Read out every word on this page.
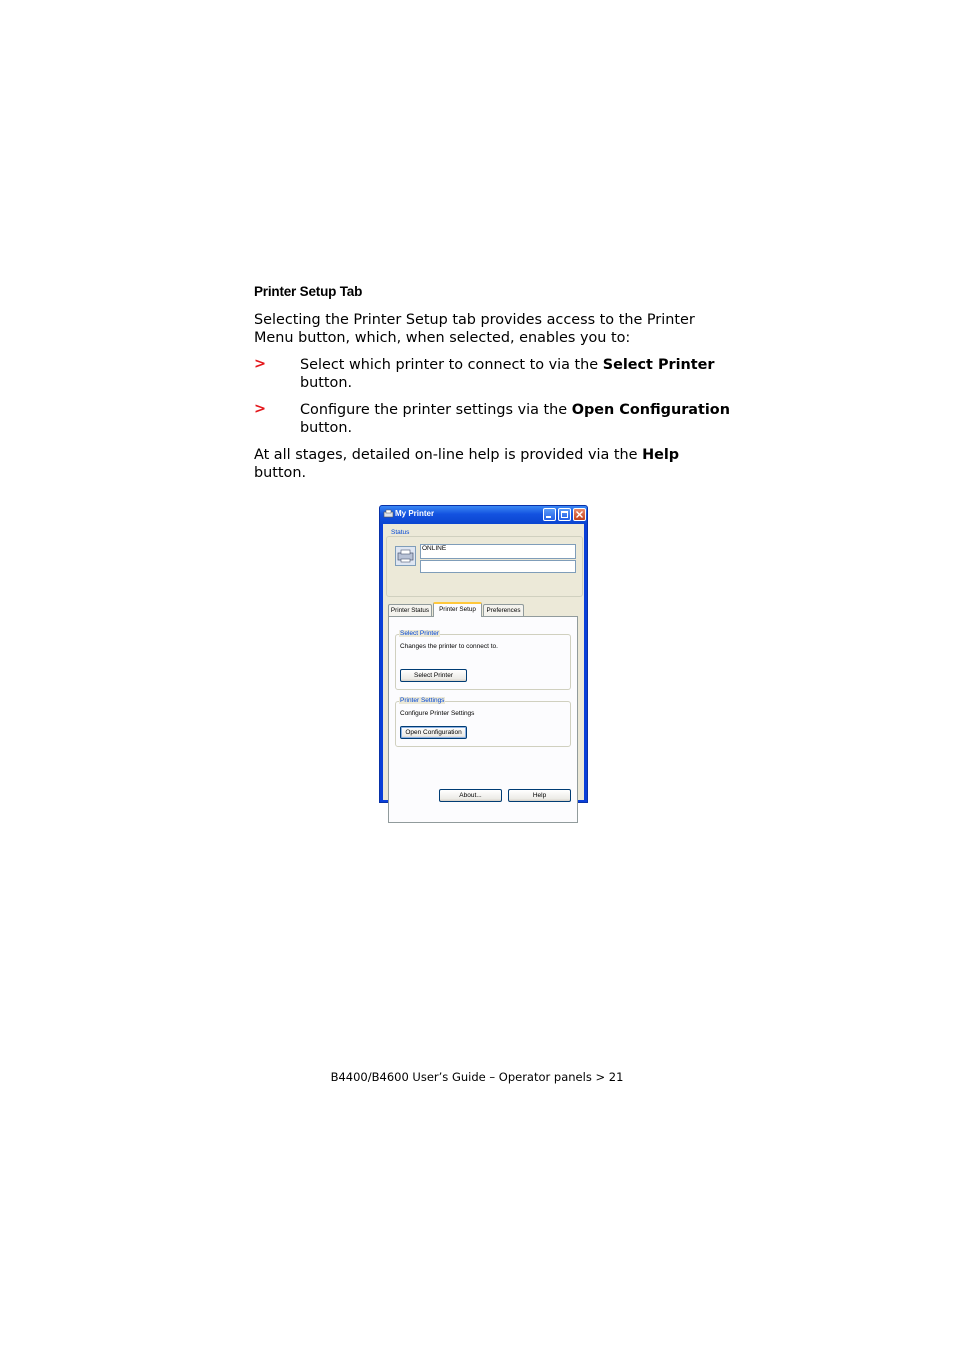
Printer Setup Tab
Selecting the Printer Setup tab provides access to the Printer Menu button, which, when selected, enables you to:
> Select which printer to connect to via the Select Printer button.
> Configure the printer settings via the Open Configuration button.
At all stages, detailed on-line help is provided via the Help button.
My Printer
Status
ONLINE
Printer Status	Printer Setup	Preferences
Select Printer
Changes the printer to connect to.
Select Printer
Printer Settings
Configure Printer Settings
Open Configuration
About...	Help
B4400/B4600 User’s Guide – Operator panels > 21
